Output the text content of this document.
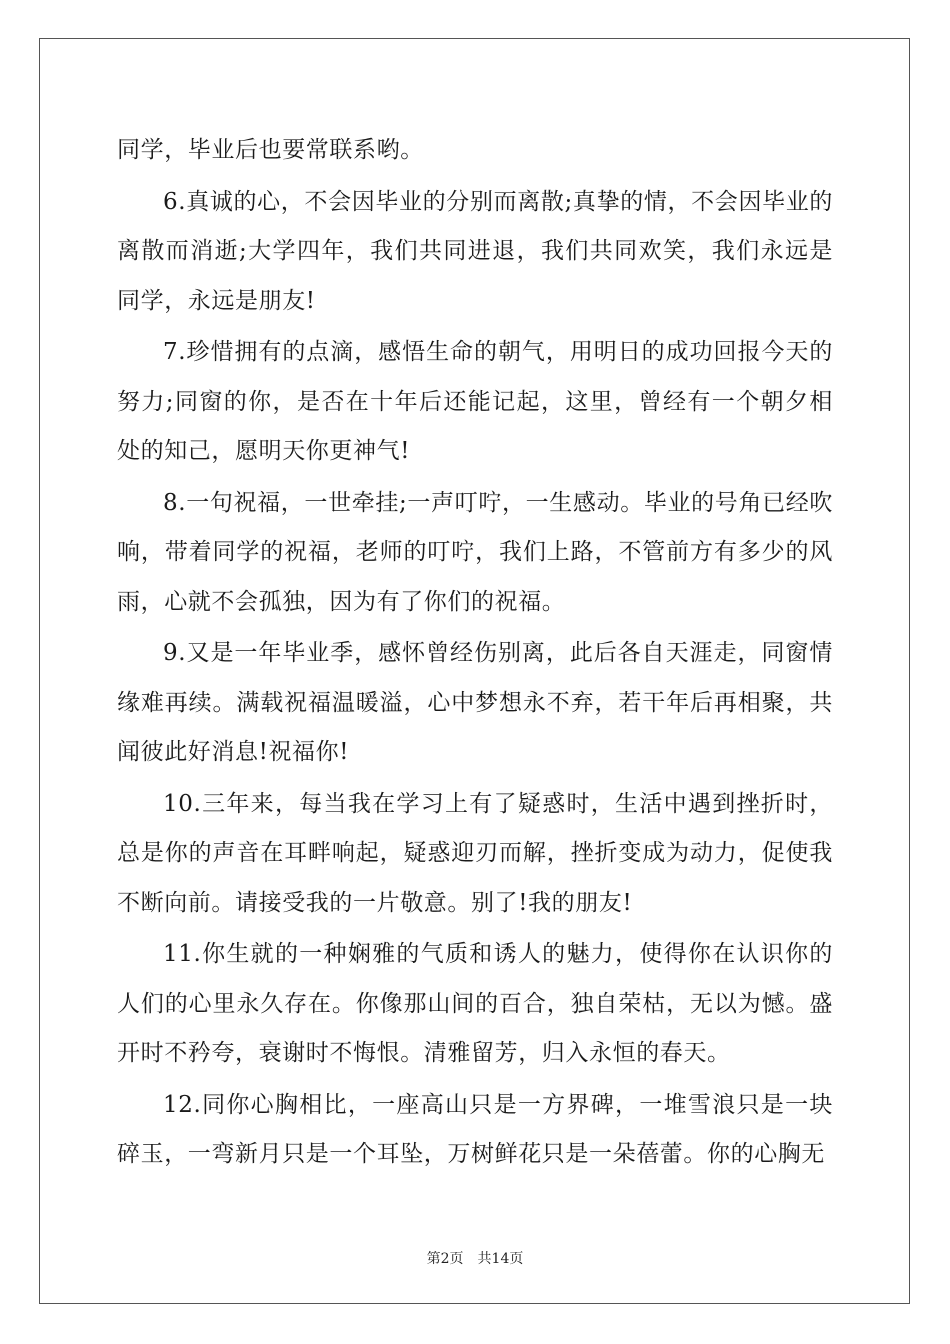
同学，毕业后也要常联系哟。

6.真诚的心，不会因毕业的分别而离散;真挚的情，不会因毕业的离散而消逝;大学四年，我们共同进退，我们共同欢笑，我们永远是同学，永远是朋友!

7.珍惜拥有的点滴，感悟生命的朝气，用明日的成功回报今天的努力;同窗的你，是否在十年后还能记起，这里，曾经有一个朝夕相处的知己，愿明天你更神气!

8.一句祝福，一世牵挂;一声叮咛，一生感动。毕业的号角已经吹响，带着同学的祝福，老师的叮咛，我们上路，不管前方有多少的风雨，心就不会孤独，因为有了你们的祝福。

9.又是一年毕业季，感怀曾经伤别离，此后各自天涯走，同窗情缘难再续。满载祝福温暖溢，心中梦想永不弃，若干年后再相聚，共闻彼此好消息!祝福你!

10.三年来，每当我在学习上有了疑惑时，生活中遇到挫折时，总是你的声音在耳畔响起，疑惑迎刃而解，挫折变成为动力，促使我不断向前。请接受我的一片敬意。别了!我的朋友!

11.你生就的一种娴雅的气质和诱人的魅力，使得你在认识你的人们的心里永久存在。你像那山间的百合，独自荣枯，无以为憾。盛开时不矜夸，衰谢时不悔恨。清雅留芳，归入永恒的春天。

12.同你心胸相比，一座高山只是一方界碑，一堆雪浪只是一块碎玉，一弯新月只是一个耳坠，万树鲜花只是一朵蓓蕾。你的心胸无

第2页 共14页
